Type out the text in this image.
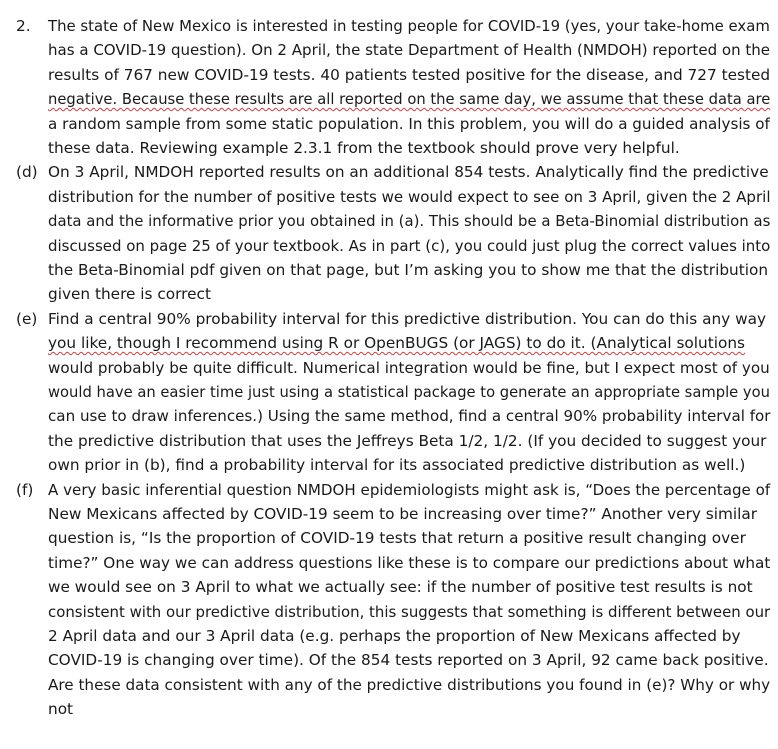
2. The state of New Mexico is interested in testing people for COVID-19 (yes, your take-home exam
has a COVID-19 question). On 2 April, the state Department of Health (NMDOH) reported on the
results of 767 new COVID-19 tests. 40 patients tested positive for the disease, and 727 tested
negative. Because these results are all reported on the same day, we assume that these data are
a random sample from some static population. In this problem, you will do a guided analysis of
these data. Reviewing example 2.3.1 from the textbook should prove very helpful.
(d) On 3 April, NMDOH reported results on an additional 854 tests. Analytically find the predictive
distribution for the number of positive tests we would expect to see on 3 April, given the 2 April
data and the informative prior you obtained in (a). This should be a Beta-Binomial distribution as
discussed on page 25 of your textbook. As in part (c), you could just plug the correct values into
the Beta-Binomial pdf given on that page, but I’m asking you to show me that the distribution
given there is correct
(e) Find a central 90% probability interval for this predictive distribution. You can do this any way
you like, though I recommend using R or OpenBUGS (or JAGS) to do it. (Analytical solutions
would probably be quite difficult. Numerical integration would be fine, but I expect most of you
would have an easier time just using a statistical package to generate an appropriate sample you
can use to draw inferences.) Using the same method, find a central 90% probability interval for
the predictive distribution that uses the Jeffreys Beta 1/2, 1/2. (If you decided to suggest your
own prior in (b), find a probability interval for its associated predictive distribution as well.)
(f) A very basic inferential question NMDOH epidemiologists might ask is, “Does the percentage of
New Mexicans affected by COVID-19 seem to be increasing over time?” Another very similar
question is, “Is the proportion of COVID-19 tests that return a positive result changing over
time?” One way we can address questions like these is to compare our predictions about what
we would see on 3 April to what we actually see: if the number of positive test results is not
consistent with our predictive distribution, this suggests that something is different between our
2 April data and our 3 April data (e.g. perhaps the proportion of New Mexicans affected by
COVID-19 is changing over time). Of the 854 tests reported on 3 April, 92 came back positive.
Are these data consistent with any of the predictive distributions you found in (e)? Why or why
not
